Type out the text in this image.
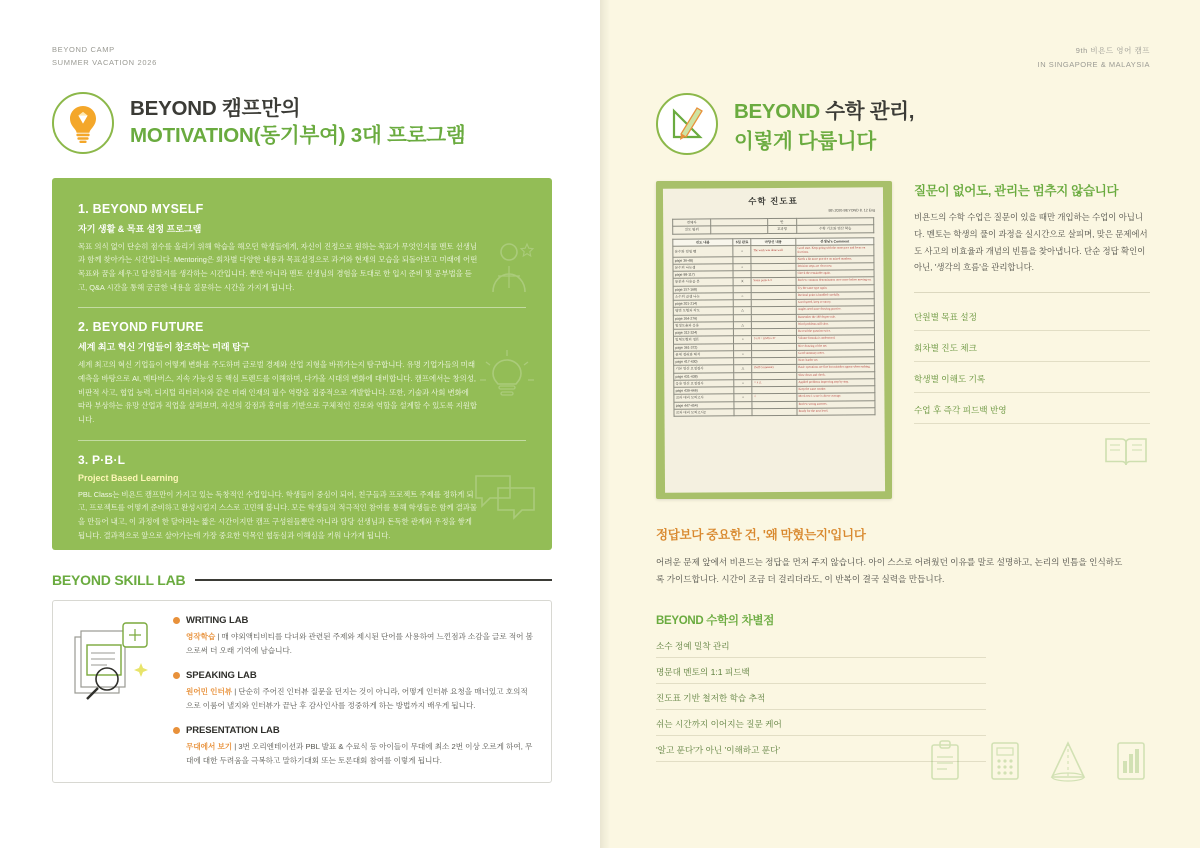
BEYOND CAMP
SUMMER VACATION 2026
BEYOND 캠프만의
MOTIVATION(동기부여) 3대 프로그램
1. BEYOND MYSELF
자기 생활 & 목표 설정 프로그램
목표 의식 없이 단순히 점수를 올리기 위해 학습을 해오던 학생들에게, 자신이 진정으로 원하는 목표가 무엇인지를 멘토 선생님과 함께 찾아가는 시간입니다. Mentoring은 회차별 다양한 내용과 목표설정으로 과거와 현재의 모습을 되돌아보고 미래에 어떤 목표와 꿈을 세우고 달성할지를 생각하는 시간입니다. 뿐만 아니라 멘토 선생님의 경험을 토대로 한 입시 준비 및 공부법을 듣고, Q&A 시간을 통해 궁금한 내용을 질문하는 시간을 가지게 됩니다.
2. BEYOND FUTURE
세계 최고 혁신 기업들이 창조하는 미래 탐구
세계 최고의 혁신 기업들이 어떻게 변화를 주도하며 글로벌 경제와 산업 지형을 바꿔가는지 탐구합니다. 유명 기업가들의 미래 예측을 바탕으로 AI, 메타버스, 지속 가능성 등 핵심 트렌드를 이해하며, 다가올 시대의 변화에 대비합니다. 캠프에서는 창의성, 비판적 사고, 협업 능력, 디지털 리터러시와 같은 미래 인재의 필수 역량을 집중적으로 개발합니다. 또한, 기술과 사회 변화에 따라 부상하는 유망 산업과 직업을 살펴보며, 자신의 강점과 흥미를 기반으로 구체적인 진로와 역할을 설계할 수 있도록 지원합니다.
3. P·B·L
Project Based Learning
PBL Class는 비욘드 캠프만이 가지고 있는 독창적인 수업입니다. 학생들이 중심이 되어, 친구들과 프로젝트 주제를 정하게 되고, 프로젝트를 어떻게 준비하고 완성시킬지 스스로 고민해 봅니다. 모든 학생들의 적극적인 참여를 통해 학생들은 함께 결과물을 만들어 내고, 이 과정에 한 달아라는 짧은 시간이지만 캠프 구성원들뿐만 아니라 담당 선생님과 돈독한 관계와 우정을 쌓게 됩니다. 결과적으로 앞으로 살아가는데 가장 중요한 덕목인 협동심과 이해심을 키워 나가게 됩니다.
BEYOND SKILL LAB
WRITING LAB
영작학습 | 매 야외액티비티를 다녀와 관련된 주제와 제시된 단어를 사용하여 느낀점과 소감을 글로 적어 봄으로써 더 오래 기억에 남습니다.
SPEAKING LAB
원어민 인터뷰 | 단순히 주어진 인터뷰 질문을 던지는 것이 아니라, 어떻게 인터뷰 요청을 매너있고 호의적으로 이룸어 낼지와 인터뷰가 끝난 후 감사인사를 정중하게 하는 방법까지 배우게 됩니다.
PRESENTATION LAB
무대에서 보기 | 3번 오리엔테이션과 PBL 발표 & 수료식 등 아이들이 무대에 최소 2번 이상 오르게 하여, 무대에 대한 두려움을 극복하고 말하기대회 또는 토론대회 참여를 이렇게 됩니다.
9th 비욘드 영어 캠프
IN SINGAPORE & MALAYSIA
BEYOND 수학 관리,
이렇게 다룹니다
수학 진도표
8th 2026 BEYOND 8. 12 Eng
전체자		반	
진도 범위		교과명	수학 기초와 연산 학습
진도 내용	5일 완료	마당신 내용	선생님's Comment
분수와 덧셈 뺄	○	The work was done well	Good start. Keep going with the same pace and focus on fractions.

page 36-48)			Needs a bit more practice on mixed numbers.

분수의 나눗셈	○		Division steps are clear now.

page 98-117)			Check the remainder again.

통분과 사용곱 분	X	Some parts 2-3	Review common denominators once more before moving on.

page 157-168)			Try the same type again.

소수의 곱셈 나눗	○		Decimal point is handled carefully.

page 201-214)			Good speed, keep accuracy.

평면 도형과 각도	△		Angles need more drawing practice.

page 264-276)			Remember the 180 degree rule.

일정도율과 응용	△		Word problems still slow.

page 312-324)			Re-read the question twice.

입체도형의 정돈	○	3 x 8 = (2x8) x 3?	Volume formula is understood.

page 361-372)			Nice drawing of the net.

문제 정리와 해석	○		Good summary notes.

page 417-430)			Next: harder set.

기본 연산 요점검사	△	(Self Comment)	Basic operations are fine but mistakes appear when rushing.

page 431-438)			Slow down and check.

응용 연산 요점검사	○	○ x △	Applied problems improving step by step.

page 439-446)			Keep the same routine.

교과 대비 모의고사	○	√	Mock test 1 score is above average.

page 447-454)			Review wrong answers.

교과 대비 모의고사2			Ready for the next level.
질문이 없어도, 관리는 멈추지 않습니다
비욘드의 수학 수업은 질문이 있을 때만 개입하는 수업이 아닙니다. 멘토는 학생의 풀이 과정을 실시간으로 살피며, 맞은 문제에서도 사고의 비효율과 개념의 빈틈을 찾아냅니다. 단순 정답 확인이 아닌, '생각의 흐름'을 관리합니다.
단원별 목표 설정
회차별 진도 체크
학생별 이해도 기록
수업 후 즉각 피드백 반영
정답보다 중요한 건, '왜 막혔는지'입니다
어려운 문제 앞에서 비욘드는 정답을 먼저 주지 않습니다. 아이 스스로 어려웠던 이유를 말로 설명하고, 논리의 빈틈을 인식하도록 가이드합니다. 시간이 조금 더 걸리더라도, 이 반복이 결국 실력을 만듭니다.
BEYOND 수학의 차별점
소수 정예 밀착 관리
명문대 멘토의 1:1 피드백
진도표 기반 철저한 학습 추적
쉬는 시간까지 이어지는 질문 케어
'알고 푼다'가 아닌 '이해하고 푼다'
